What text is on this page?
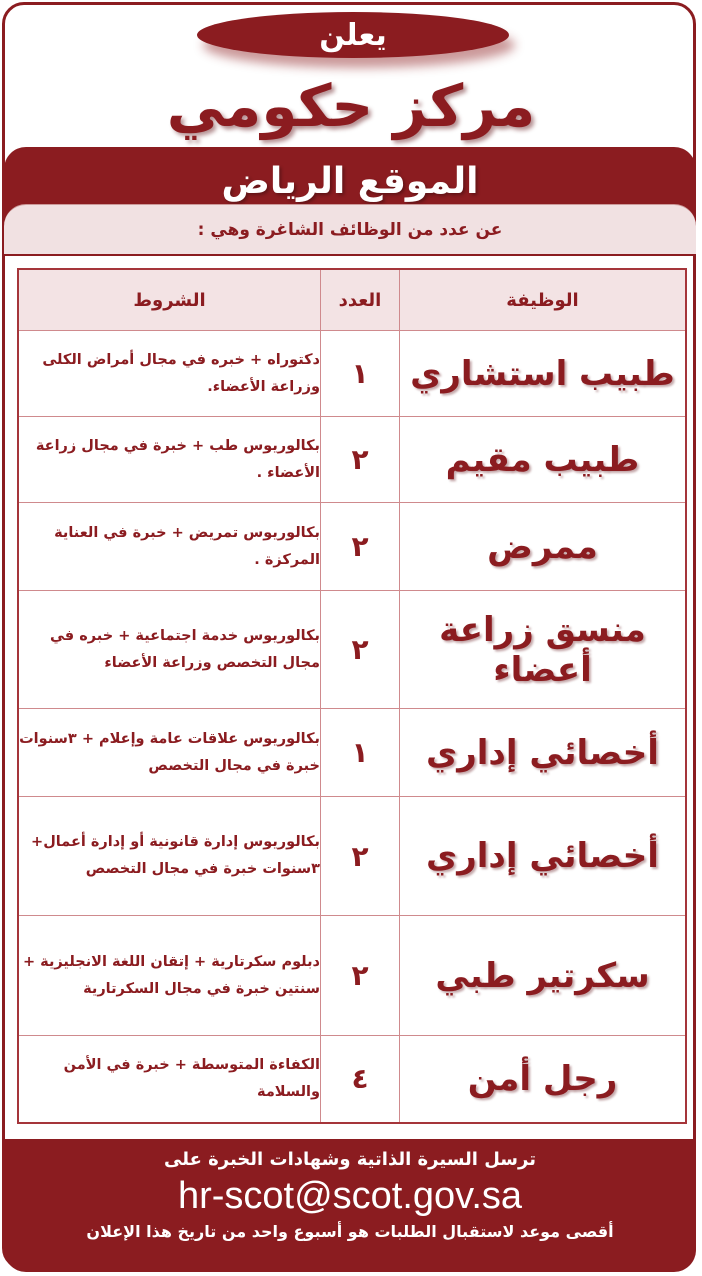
يعلن
مركز حكومي
الموقع الرياض
عن عدد من الوظائف الشاغرة وهي :
الوظيفة	العدد	الشروط
طبيب استشاري	١	دكتوراه + خبره في مجال أمراض الكلى وزراعة الأعضاء.
طبيب مقيم	٢	بكالوريوس طب + خبرة في مجال زراعة الأعضاء .
ممرض	٢	بكالوريوس تمريض + خبرة في العناية المركزة .
منسق زراعة أعضاء	٢	بكالوريوس خدمة اجتماعية + خبره في مجال التخصص وزراعة الأعضاء
أخصائي إداري	١	بكالوريوس علاقات عامة وإعلام + ٣سنوات خبرة في مجال التخصص
أخصائي إداري	٢	بكالوريوس إدارة قانونية أو إدارة أعمال+ ٣سنوات خبرة في مجال التخصص
سكرتير طبي	٢	دبلوم سكرتارية + إتقان اللغة الانجليزية + سنتين خبرة في مجال السكرتارية
رجل أمن	٤	الكفاءة المتوسطة + خبرة في الأمن والسلامة
ترسل السيرة الذاتية وشهادات الخبرة على
hr-scot@scot.gov.sa
أقصى موعد لاستقبال الطلبات هو أسبوع واحد من تاريخ هذا الإعلان
